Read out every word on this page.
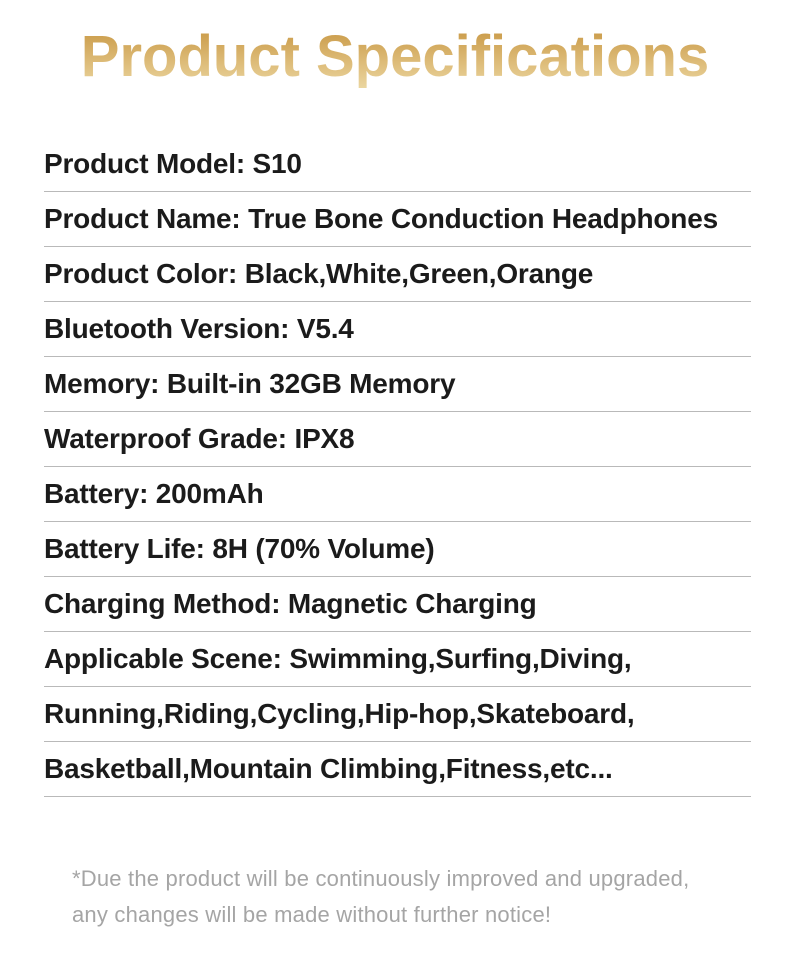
Product Specifications
Product Model: S10
Product Name: True Bone Conduction Headphones
Product Color: Black,White,Green,Orange
Bluetooth Version: V5.4
Memory: Built-in 32GB Memory
Waterproof Grade: IPX8
Battery: 200mAh
Battery Life: 8H (70% Volume)
Charging Method: Magnetic Charging
Applicable Scene: Swimming,Surfing,Diving,
Running,Riding,Cycling,Hip-hop,Skateboard,
Basketball,Mountain Climbing,Fitness,etc...
*Due the product will be continuously improved and upgraded,
any changes will be made without further notice!
